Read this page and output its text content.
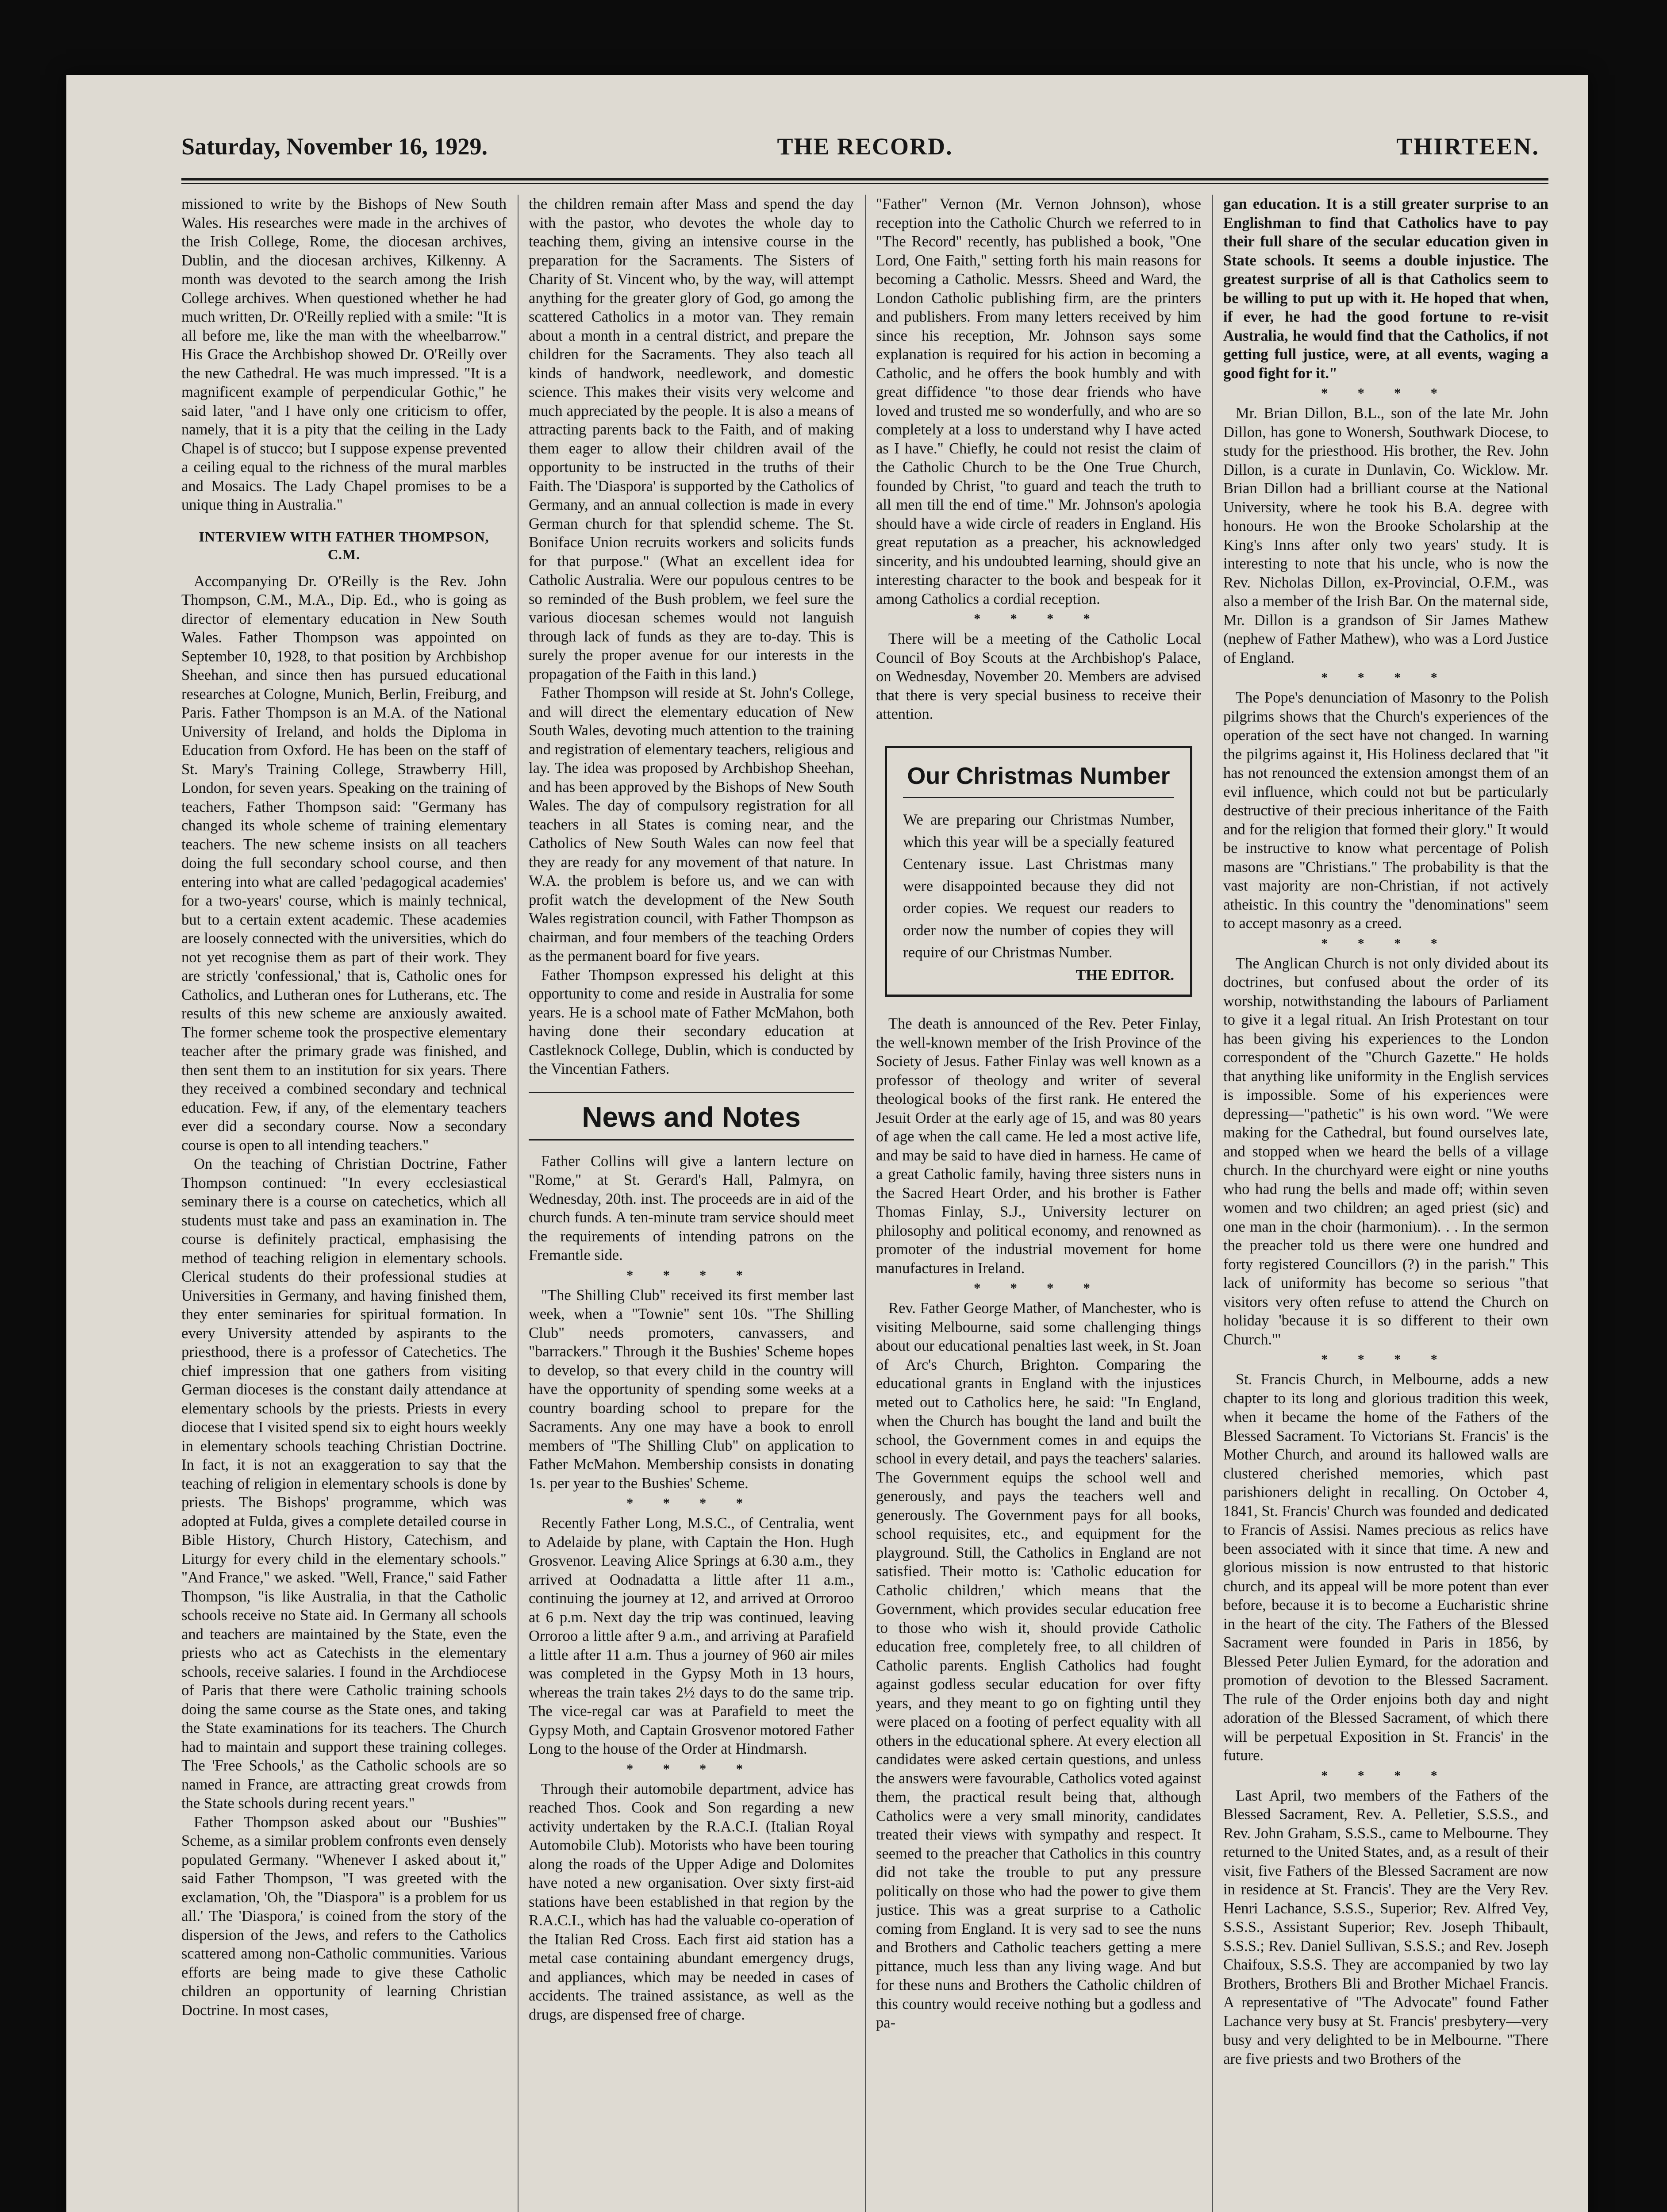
Saturday, November 16, 1929.	THE RECORD.	THIRTEEN.

missioned to write by the Bishops of New South Wales. His researches were made in the archives of the Irish College, Rome, the diocesan archives, Dublin, and the diocesan archives, Kilkenny. A month was devoted to the search among the Irish College archives. When questioned whether he had much written, Dr. O'Reilly replied with a smile: "It is all before me, like the man with the wheelbarrow." His Grace the Archbishop showed Dr. O'Reilly over the new Cathedral. He was much impressed. "It is a magnificent example of perpendicular Gothic," he said later, "and I have only one criticism to offer, namely, that it is a pity that the ceiling in the Lady Chapel is of stucco; but I suppose expense prevented a ceiling equal to the richness of the mural marbles and Mosaics. The Lady Chapel promises to be a unique thing in Australia."

INTERVIEW WITH FATHER THOMPSON, C.M.

Accompanying Dr. O'Reilly is the Rev. John Thompson, C.M., M.A., Dip. Ed., who is going as director of elementary education in New South Wales. Father Thompson was appointed on September 10, 1928, to that position by Archbishop Sheehan, and since then has pursued educational researches at Cologne, Munich, Berlin, Freiburg, and Paris. Father Thompson is an M.A. of the National University of Ireland, and holds the Diploma in Education from Oxford. He has been on the staff of St. Mary's Training College, Strawberry Hill, London, for seven years. Speaking on the training of teachers, Father Thompson said: "Germany has changed its whole scheme of training elementary teachers. The new scheme insists on all teachers doing the full secondary school course, and then entering into what are called 'pedagogical academies' for a two-years' course, which is mainly technical, but to a certain extent academic. These academies are loosely connected with the universities, which do not yet recognise them as part of their work. They are strictly 'confessional,' that is, Catholic ones for Catholics, and Lutheran ones for Lutherans, etc. The results of this new scheme are anxiously awaited. The former scheme took the prospective elementary teacher after the primary grade was finished, and then sent them to an institution for six years. There they received a combined secondary and technical education. Few, if any, of the elementary teachers ever did a secondary course. Now a secondary course is open to all intending teachers."

On the teaching of Christian Doctrine, Father Thompson continued: "In every ecclesiastical seminary there is a course on catechetics, which all students must take and pass an examination in. The course is definitely practical, emphasising the method of teaching religion in elementary schools. Clerical students do their professional studies at Universities in Germany, and having finished them, they enter seminaries for spiritual formation. In every University attended by aspirants to the priesthood, there is a professor of Catechetics. The chief impression that one gathers from visiting German dioceses is the constant daily attendance at elementary schools by the priests. Priests in every diocese that I visited spend six to eight hours weekly in elementary schools teaching Christian Doctrine. In fact, it is not an exaggeration to say that the teaching of religion in elementary schools is done by priests. The Bishops' programme, which was adopted at Fulda, gives a complete detailed course in Bible History, Church History, Catechism, and Liturgy for every child in the elementary schools." "And France," we asked. "Well, France," said Father Thompson, "is like Australia, in that the Catholic schools receive no State aid. In Germany all schools and teachers are maintained by the State, even the priests who act as Catechists in the elementary schools, receive salaries. I found in the Archdiocese of Paris that there were Catholic training schools doing the same course as the State ones, and taking the State examinations for its teachers. The Church had to maintain and support these training colleges. The 'Free Schools,' as the Catholic schools are so named in France, are attracting great crowds from the State schools during recent years."

Father Thompson asked about our "Bushies'" Scheme, as a similar problem confronts even densely populated Germany. "Whenever I asked about it," said Father Thompson, "I was greeted with the exclamation, 'Oh, the "Diaspora" is a problem for us all.' The 'Diaspora,' is coined from the story of the dispersion of the Jews, and refers to the Catholics scattered among non-Catholic communities. Various efforts are being made to give these Catholic children an opportunity of learning Christian Doctrine. In most cases,

the children remain after Mass and spend the day with the pastor, who devotes the whole day to teaching them, giving an intensive course in the preparation for the Sacraments. The Sisters of Charity of St. Vincent who, by the way, will attempt anything for the greater glory of God, go among the scattered Catholics in a motor van. They remain about a month in a central district, and prepare the children for the Sacraments. They also teach all kinds of handwork, needlework, and domestic science. This makes their visits very welcome and much appreciated by the people. It is also a means of attracting parents back to the Faith, and of making them eager to allow their children avail of the opportunity to be instructed in the truths of their Faith. The 'Diaspora' is supported by the Catholics of Germany, and an annual collection is made in every German church for that splendid scheme. The St. Boniface Union recruits workers and solicits funds for that purpose." (What an excellent idea for Catholic Australia. Were our populous centres to be so reminded of the Bush problem, we feel sure the various diocesan schemes would not languish through lack of funds as they are to-day. This is surely the proper avenue for our interests in the propagation of the Faith in this land.)

Father Thompson will reside at St. John's College, and will direct the elementary education of New South Wales, devoting much attention to the training and registration of elementary teachers, religious and lay. The idea was proposed by Archbishop Sheehan, and has been approved by the Bishops of New South Wales. The day of compulsory registration for all teachers in all States is coming near, and the Catholics of New South Wales can now feel that they are ready for any movement of that nature. In W.A. the problem is before us, and we can with profit watch the development of the New South Wales registration council, with Father Thompson as chairman, and four members of the teaching Orders as the permanent board for five years.

Father Thompson expressed his delight at this opportunity to come and reside in Australia for some years. He is a school mate of Father McMahon, both having done their secondary education at Castleknock College, Dublin, which is conducted by the Vincentian Fathers.

News and Notes

Father Collins will give a lantern lecture on "Rome," at St. Gerard's Hall, Palmyra, on Wednesday, 20th. inst. The proceeds are in aid of the church funds. A ten-minute tram service should meet the requirements of intending patrons on the Fremantle side.

* * * *

"The Shilling Club" received its first member last week, when a "Townie" sent 10s. "The Shilling Club" needs promoters, canvassers, and "barrackers." Through it the Bushies' Scheme hopes to develop, so that every child in the country will have the opportunity of spending some weeks at a country boarding school to prepare for the Sacraments. Any one may have a book to enroll members of "The Shilling Club" on application to Father McMahon. Membership consists in donating 1s. per year to the Bushies' Scheme.

* * * *

Recently Father Long, M.S.C., of Centralia, went to Adelaide by plane, with Captain the Hon. Hugh Grosvenor. Leaving Alice Springs at 6.30 a.m., they arrived at Oodnadatta a little after 11 a.m., continuing the journey at 12, and arrived at Orroroo at 6 p.m. Next day the trip was continued, leaving Orroroo a little after 9 a.m., and arriving at Parafield a little after 11 a.m. Thus a journey of 960 air miles was completed in the Gypsy Moth in 13 hours, whereas the train takes 2½ days to do the same trip. The vice-regal car was at Parafield to meet the Gypsy Moth, and Captain Grosvenor motored Father Long to the house of the Order at Hindmarsh.

* * * *

Through their automobile department, advice has reached Thos. Cook and Son regarding a new activity undertaken by the R.A.C.I. (Italian Royal Automobile Club). Motorists who have been touring along the roads of the Upper Adige and Dolomites have noted a new organisation. Over sixty first-aid stations have been established in that region by the R.A.C.I., which has had the valuable co-operation of the Italian Red Cross. Each first aid station has a metal case containing abundant emergency drugs, and appliances, which may be needed in cases of accidents. The trained assistance, as well as the drugs, are dispensed free of charge.

"Father" Vernon (Mr. Vernon Johnson), whose reception into the Catholic Church we referred to in "The Record" recently, has published a book, "One Lord, One Faith," setting forth his main reasons for becoming a Catholic. Messrs. Sheed and Ward, the London Catholic publishing firm, are the printers and publishers. From many letters received by him since his reception, Mr. Johnson says some explanation is required for his action in becoming a Catholic, and he offers the book humbly and with great diffidence "to those dear friends who have loved and trusted me so wonderfully, and who are so completely at a loss to understand why I have acted as I have." Chiefly, he could not resist the claim of the Catholic Church to be the One True Church, founded by Christ, "to guard and teach the truth to all men till the end of time." Mr. Johnson's apologia should have a wide circle of readers in England. His great reputation as a preacher, his acknowledged sincerity, and his undoubted learning, should give an interesting character to the book and bespeak for it among Catholics a cordial reception.

* * * *

There will be a meeting of the Catholic Local Council of Boy Scouts at the Archbishop's Palace, on Wednesday, November 20. Members are advised that there is very special business to receive their attention.

Our Christmas Number
We are preparing our Christmas Number, which this year will be a specially featured Centenary issue. Last Christmas many were disappointed because they did not order copies. We request our readers to order now the number of copies they will require of our Christmas Number.
THE EDITOR.

The death is announced of the Rev. Peter Finlay, the well-known member of the Irish Province of the Society of Jesus. Father Finlay was well known as a professor of theology and writer of several theological books of the first rank. He entered the Jesuit Order at the early age of 15, and was 80 years of age when the call came. He led a most active life, and may be said to have died in harness. He came of a great Catholic family, having three sisters nuns in the Sacred Heart Order, and his brother is Father Thomas Finlay, S.J., University lecturer on philosophy and political economy, and renowned as promoter of the industrial movement for home manufactures in Ireland.

* * * *

Rev. Father George Mather, of Manchester, who is visiting Melbourne, said some challenging things about our educational penalties last week, in St. Joan of Arc's Church, Brighton. Comparing the educational grants in England with the injustices meted out to Catholics here, he said: "In England, when the Church has bought the land and built the school, the Government comes in and equips the school in every detail, and pays the teachers' salaries. The Government equips the school well and generously, and pays the teachers well and generously. The Government pays for all books, school requisites, etc., and equipment for the playground. Still, the Catholics in England are not satisfied. Their motto is: 'Catholic education for Catholic children,' which means that the Government, which provides secular education free to those who wish it, should provide Catholic education free, completely free, to all children of Catholic parents. English Catholics had fought against godless secular education for over fifty years, and they meant to go on fighting until they were placed on a footing of perfect equality with all others in the educational sphere. At every election all candidates were asked certain questions, and unless the answers were favourable, Catholics voted against them, the practical result being that, although Catholics were a very small minority, candidates treated their views with sympathy and respect. It seemed to the preacher that Catholics in this country did not take the trouble to put any pressure politically on those who had the power to give them justice. This was a great surprise to a Catholic coming from England. It is very sad to see the nuns and Brothers and Catholic teachers getting a mere pittance, much less than any living wage. And but for these nuns and Brothers the Catholic children of this country would receive nothing but a godless and pa-

gan education. It is a still greater surprise to an Englishman to find that Catholics have to pay their full share of the secular education given in State schools. It seems a double injustice. The greatest surprise of all is that Catholics seem to be willing to put up with it. He hoped that when, if ever, he had the good fortune to re-visit Australia, he would find that the Catholics, if not getting full justice, were, at all events, waging a good fight for it."

* * * *

Mr. Brian Dillon, B.L., son of the late Mr. John Dillon, has gone to Wonersh, Southwark Diocese, to study for the priesthood. His brother, the Rev. John Dillon, is a curate in Dunlavin, Co. Wicklow. Mr. Brian Dillon had a brilliant course at the National University, where he took his B.A. degree with honours. He won the Brooke Scholarship at the King's Inns after only two years' study. It is interesting to note that his uncle, who is now the Rev. Nicholas Dillon, ex-Provincial, O.F.M., was also a member of the Irish Bar. On the maternal side, Mr. Dillon is a grandson of Sir James Mathew (nephew of Father Mathew), who was a Lord Justice of England.

* * * *

The Pope's denunciation of Masonry to the Polish pilgrims shows that the Church's experiences of the operation of the sect have not changed. In warning the pilgrims against it, His Holiness declared that "it has not renounced the extension amongst them of an evil influence, which could not but be particularly destructive of their precious inheritance of the Faith and for the religion that formed their glory." It would be instructive to know what percentage of Polish masons are "Christians." The probability is that the vast majority are non-Christian, if not actively atheistic. In this country the "denominations" seem to accept masonry as a creed.

* * * *

The Anglican Church is not only divided about its doctrines, but confused about the order of its worship, notwithstanding the labours of Parliament to give it a legal ritual. An Irish Protestant on tour has been giving his experiences to the London correspondent of the "Church Gazette." He holds that anything like uniformity in the English services is impossible. Some of his experiences were depressing—"pathetic" is his own word. "We were making for the Cathedral, but found ourselves late, and stopped when we heard the bells of a village church. In the churchyard were eight or nine youths who had rung the bells and made off; within seven women and two children; an aged priest (sic) and one man in the choir (harmonium). . . In the sermon the preacher told us there were one hundred and forty registered Councillors (?) in the parish." This lack of uniformity has become so serious "that visitors very often refuse to attend the Church on holiday 'because it is so different to their own Church.'"

* * * *

St. Francis Church, in Melbourne, adds a new chapter to its long and glorious tradition this week, when it became the home of the Fathers of the Blessed Sacrament. To Victorians St. Francis' is the Mother Church, and around its hallowed walls are clustered cherished memories, which past parishioners delight in recalling. On October 4, 1841, St. Francis' Church was founded and dedicated to Francis of Assisi. Names precious as relics have been associated with it since that time. A new and glorious mission is now entrusted to that historic church, and its appeal will be more potent than ever before, because it is to become a Eucharistic shrine in the heart of the city. The Fathers of the Blessed Sacrament were founded in Paris in 1856, by Blessed Peter Julien Eymard, for the adoration and promotion of devotion to the Blessed Sacrament. The rule of the Order enjoins both day and night adoration of the Blessed Sacrament, of which there will be perpetual Exposition in St. Francis' in the future.

* * * *

Last April, two members of the Fathers of the Blessed Sacrament, Rev. A. Pelletier, S.S.S., and Rev. John Graham, S.S.S., came to Melbourne. They returned to the United States, and, as a result of their visit, five Fathers of the Blessed Sacrament are now in residence at St. Francis'. They are the Very Rev. Henri Lachance, S.S.S., Superior; Rev. Alfred Vey, S.S.S., Assistant Superior; Rev. Joseph Thibault, S.S.S.; Rev. Daniel Sullivan, S.S.S.; and Rev. Joseph Chaifoux, S.S.S. They are accompanied by two lay Brothers, Brothers Bli and Brother Michael Francis. A representative of "The Advocate" found Father Lachance very busy at St. Francis' presbytery—very busy and very delighted to be in Melbourne. "There are five priests and two Brothers of the
